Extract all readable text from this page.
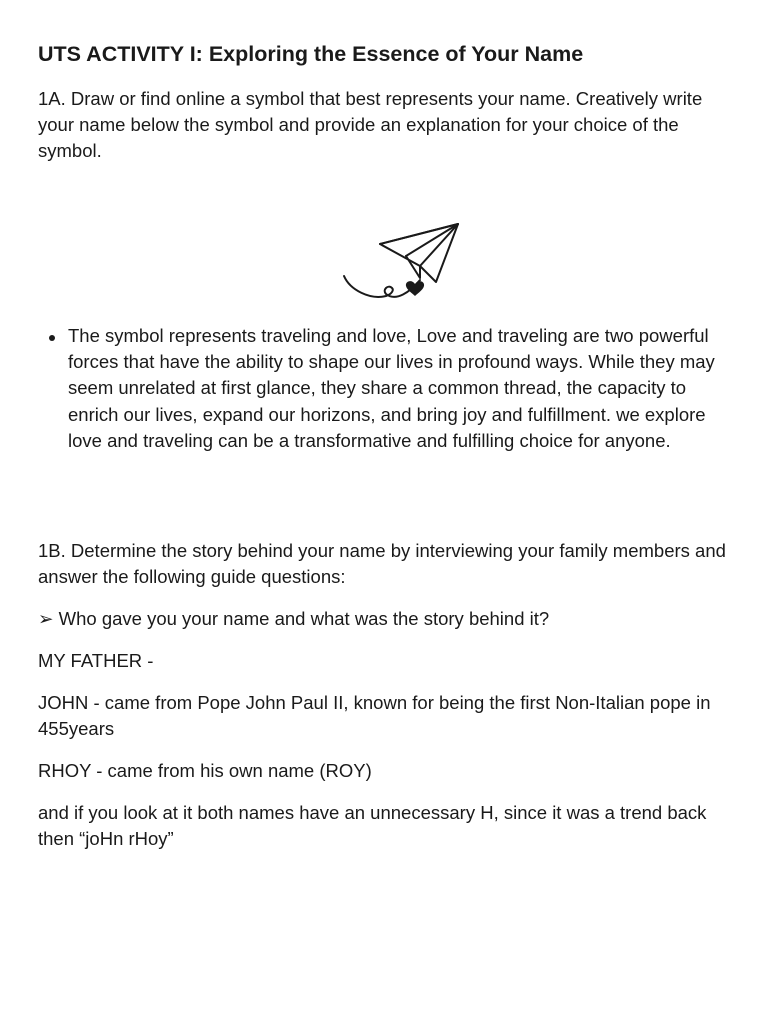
UTS ACTIVITY I: Exploring the Essence of Your Name

1A. Draw or find online a symbol that best represents your name. Creatively write your name below the symbol and provide an explanation for your choice of the symbol.

The symbol represents traveling and love, Love and traveling are two powerful forces that have the ability to shape our lives in profound ways. While they may seem unrelated at first glance, they share a common thread, the capacity to enrich our lives, expand our horizons, and bring joy and fulfillment. we explore love and traveling can be a transformative and fulfilling choice for anyone.

1B. Determine the story behind your name by interviewing your family members and answer the following guide questions:

➢ Who gave you your name and what was the story behind it?

MY FATHER -

JOHN - came from Pope John Paul II, known for being the first Non-Italian pope in 455years

RHOY - came from his own name (ROY)

and if you look at it both names have an unnecessary H, since it was a trend back then “joHn rHoy”
